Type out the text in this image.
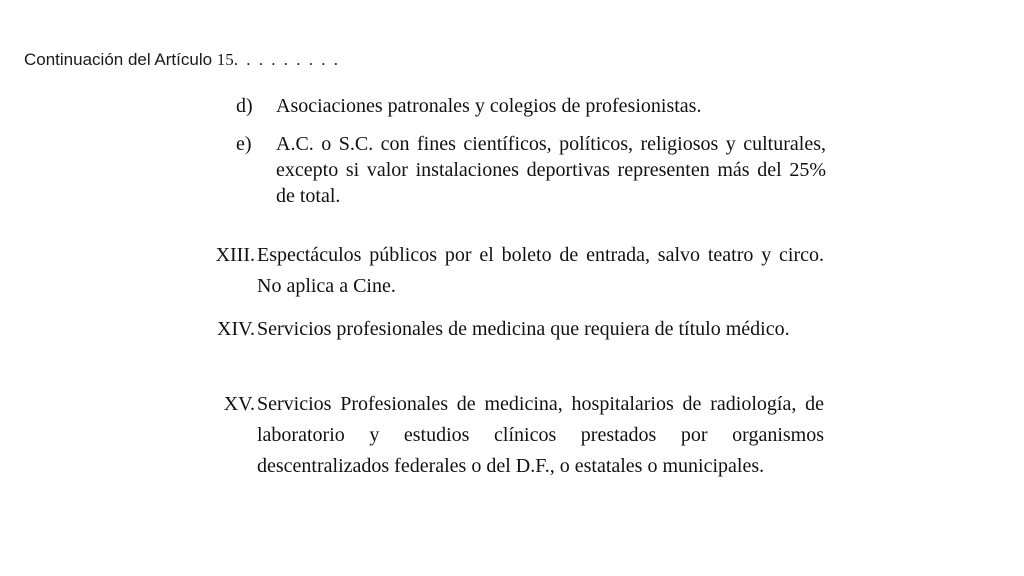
Continuación del Artículo 15. . . . . . . . .
d)	Asociaciones patronales y colegios de profesionistas.
e)	A.C. o S.C. con fines científicos, políticos, religiosos y culturales, excepto si valor instalaciones deportivas representen más del 25% de total.
XIII. Espectáculos públicos por el boleto de entrada, salvo teatro y circo. No aplica a Cine.
XIV. Servicios profesionales de medicina que requiera de título médico.
XV. Servicios Profesionales de medicina, hospitalarios de radiología, de laboratorio y estudios clínicos prestados por organismos descentralizados federales o del D.F., o estatales o municipales.
